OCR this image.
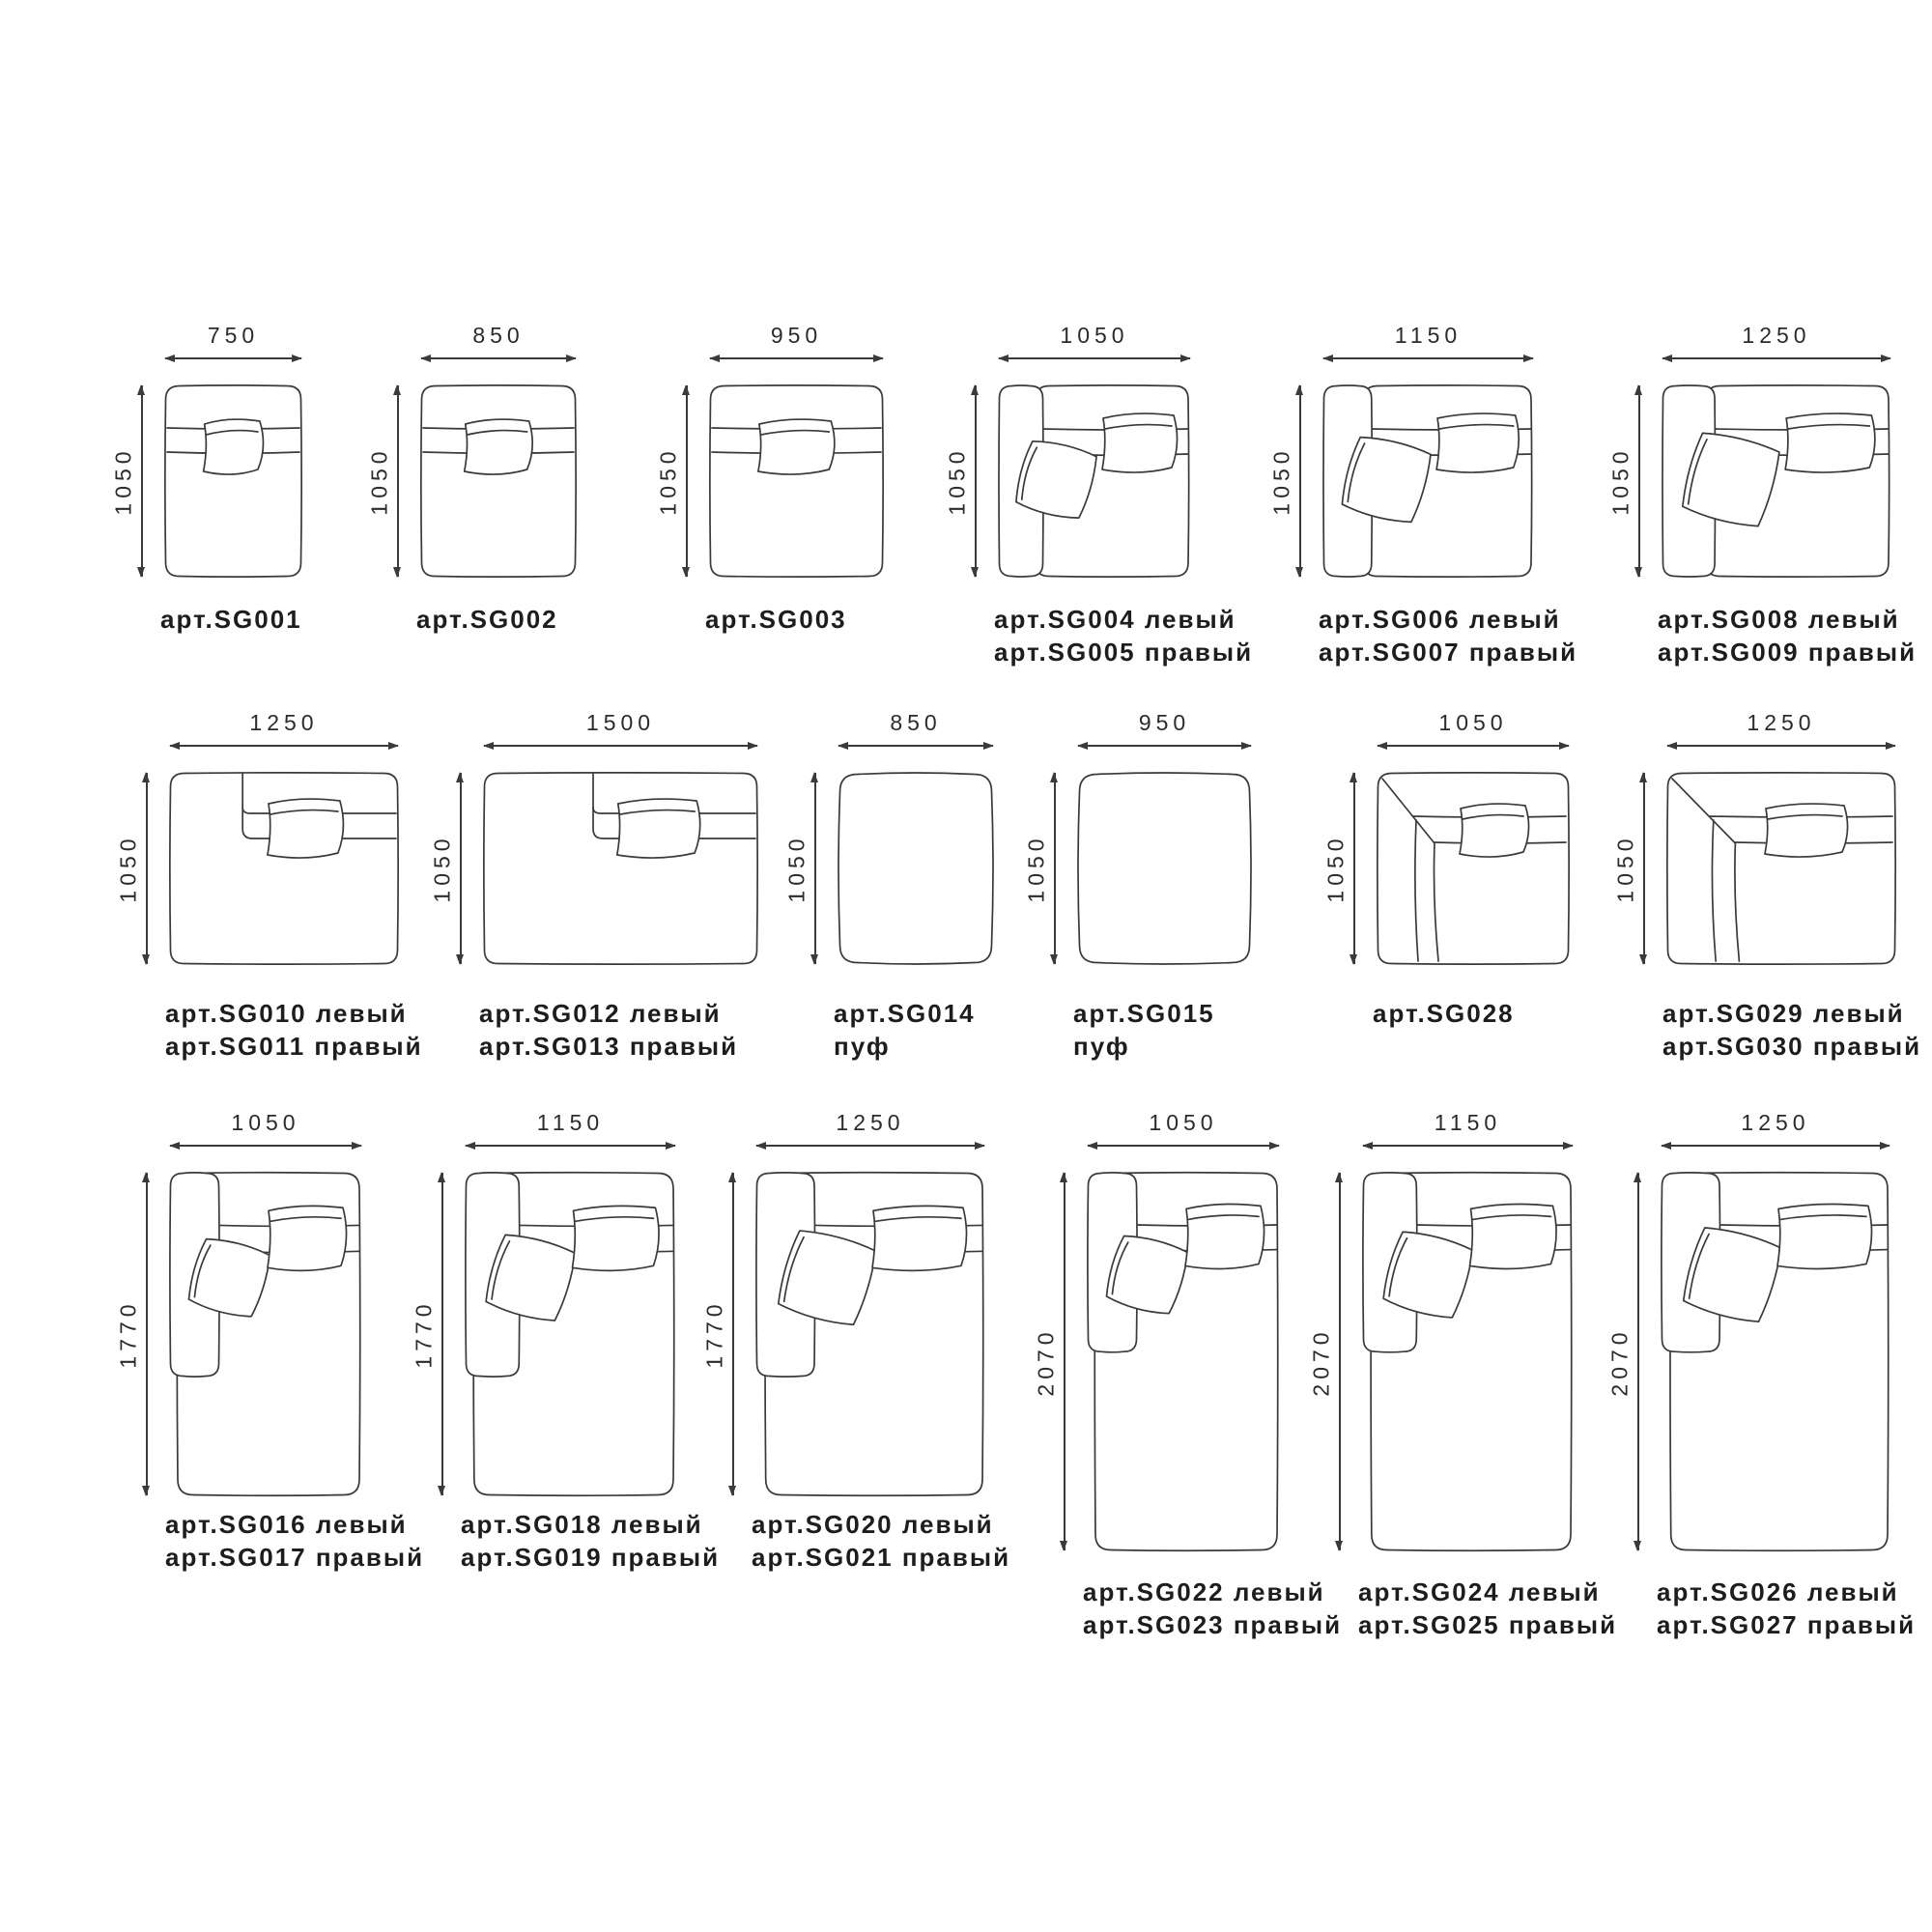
750
1050
арт.SG001
850
1050
арт.SG002
950
1050
арт.SG003
1050
1050
арт.SG004 левый
арт.SG005 правый
1150
1050
арт.SG006 левый
арт.SG007 правый
1250
1050
арт.SG008 левый
арт.SG009 правый
1250
1050
арт.SG010 левый
арт.SG011 правый
1500
1050
арт.SG012 левый
арт.SG013 правый
850
1050
арт.SG014
пуф
950
1050
арт.SG015
пуф
1050
1050
арт.SG028
1250
1050
арт.SG029 левый
арт.SG030 правый
1050
1770
арт.SG016 левый
арт.SG017 правый
1150
1770
арт.SG018 левый
арт.SG019 правый
1250
1770
арт.SG020 левый
арт.SG021 правый
1050
2070
арт.SG022 левый
арт.SG023 правый
1150
2070
арт.SG024 левый
арт.SG025 правый
1250
2070
арт.SG026 левый
арт.SG027 правый
